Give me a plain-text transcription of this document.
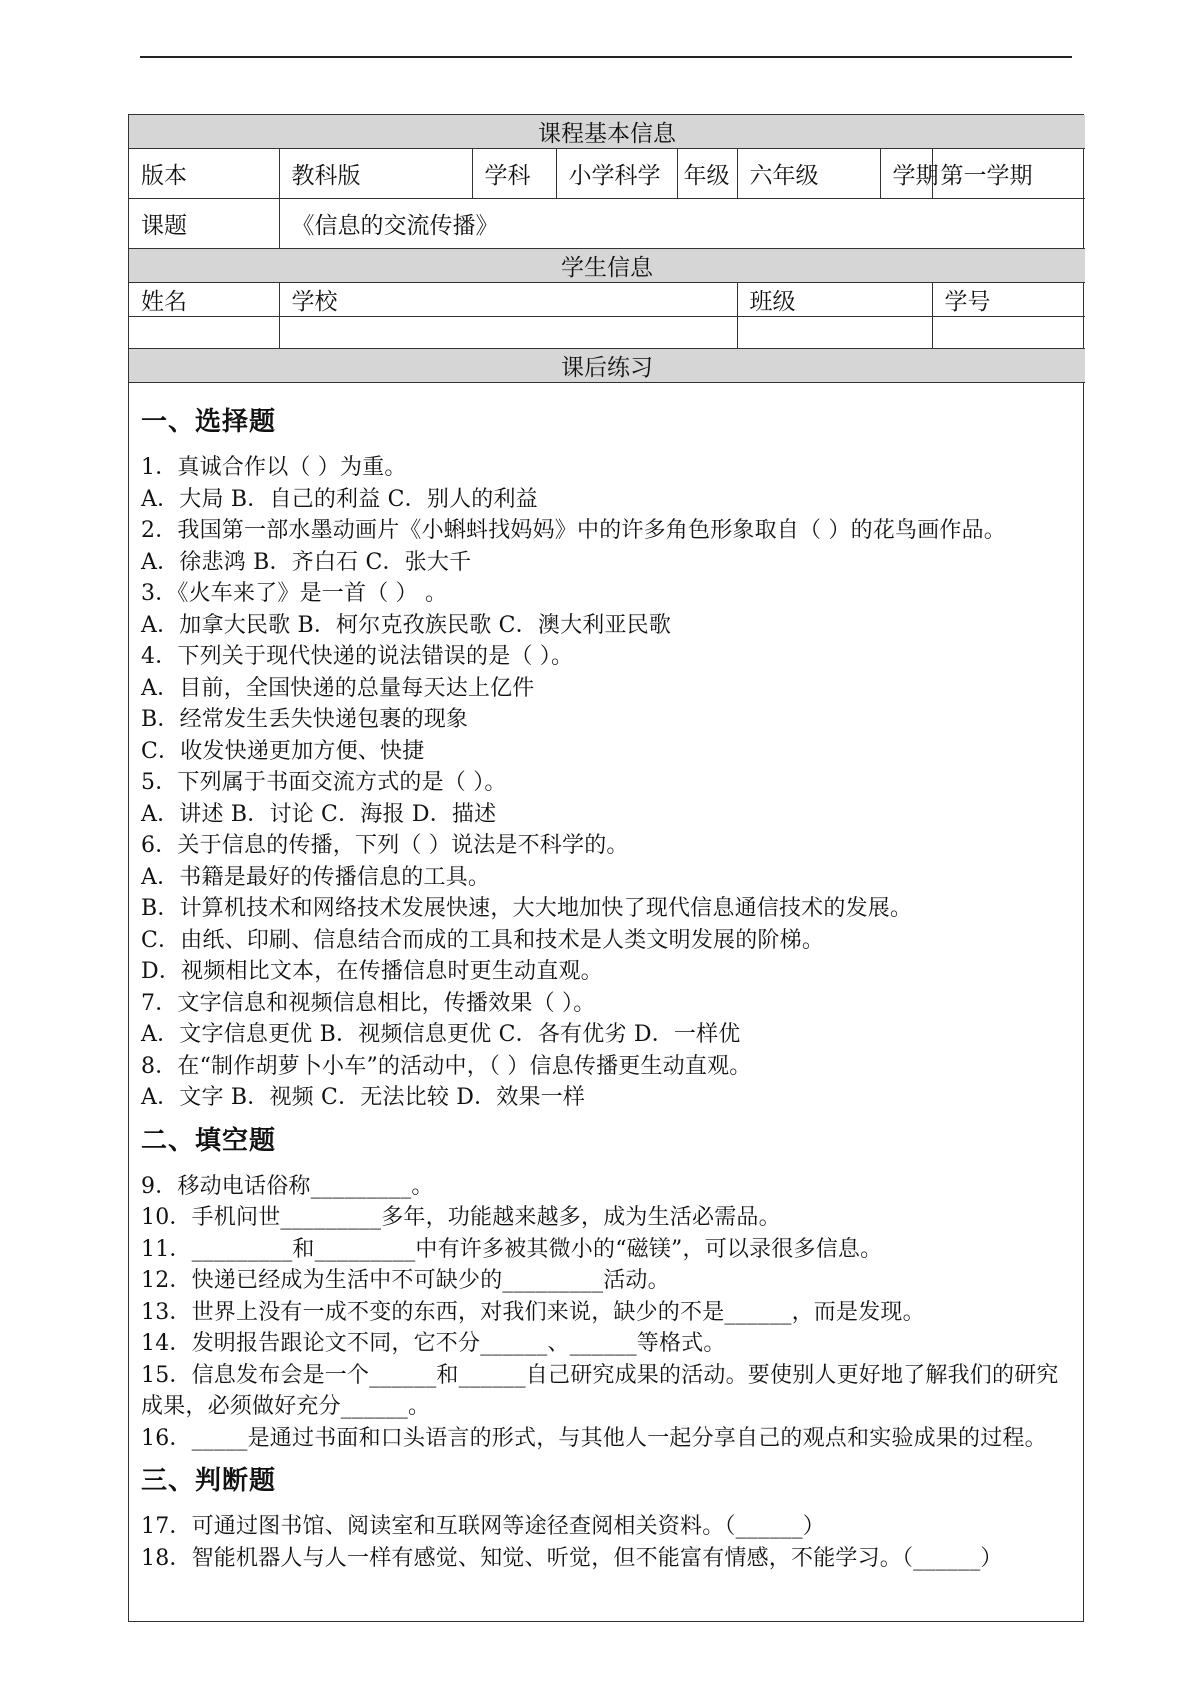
课程基本信息							
版本	教科版	学科	小学科学	年级	六年级	学期	第一学期
课题	《信息的交流传播》						
学生信息							
姓名	学校				班级		学号

课后练习							
一、选择题
1．真诚合作以（ ）为重。
A．大局 B．自己的利益 C．别人的利益
2．我国第一部水墨动画片《小蝌蚪找妈妈》中的许多角色形象取自（ ）的花鸟画作品。
A．徐悲鸿 B．齐白石 C．张大千
3．《火车来了》是一首（ ） 。
A．加拿大民歌 B．柯尔克孜族民歌 C．澳大利亚民歌
4．下列关于现代快递的说法错误的是（ ）。
A．目前，全国快递的总量每天达上亿件
B．经常发生丢失快递包裹的现象
C．收发快递更加方便、快捷
5．下列属于书面交流方式的是（ ）。
A．讲述 B．讨论 C．海报 D．描述
6．关于信息的传播，下列（ ）说法是不科学的。
A．书籍是最好的传播信息的工具。
B．计算机技术和网络技术发展快速，大大地加快了现代信息通信技术的发展。
C．由纸、印刷、信息结合而成的工具和技术是人类文明发展的阶梯。
D．视频相比文本，在传播信息时更生动直观。
7．文字信息和视频信息相比，传播效果（ ）。
A．文字信息更优 B．视频信息更优 C．各有优劣 D．一样优
8．在“制作胡萝卜小车”的活动中，（ ）信息传播更生动直观。
A．文字 B．视频 C．无法比较 D．效果一样
二、填空题
9．移动电话俗称_________。
10．手机问世_________多年，功能越来越多，成为生活必需品。
11．_________和_________中有许多被其微小的“磁镁”，可以录很多信息。
12．快递已经成为生活中不可缺少的_________活动。
13．世界上没有一成不变的东西，对我们来说，缺少的不是______，而是发现。
14．发明报告跟论文不同，它不分______、______等格式。
15．信息发布会是一个______和______自己研究成果的活动。要使别人更好地了解我们的研究成果，必须做好充分______。
16．_____是通过书面和口头语言的形式，与其他人一起分享自己的观点和实验成果的过程。
三、判断题
17．可通过图书馆、阅读室和互联网等途径查阅相关资料。（______）
18．智能机器人与人一样有感觉、知觉、听觉，但不能富有情感，不能学习。（______）
